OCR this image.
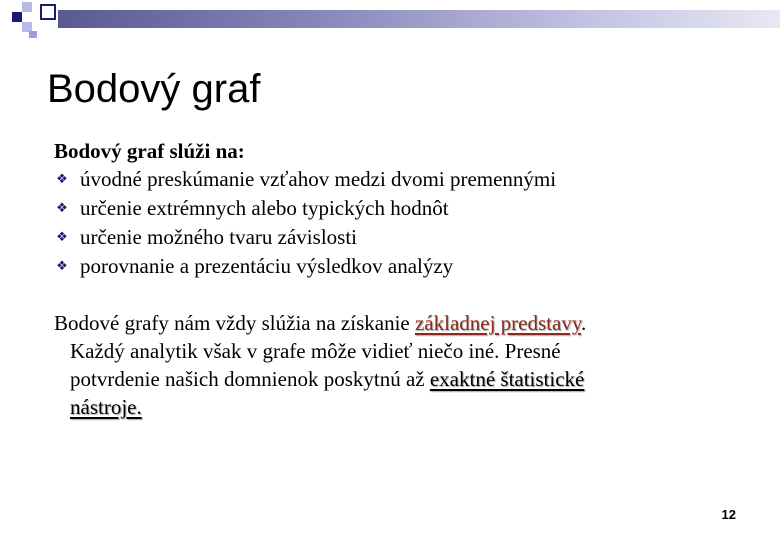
Bodový graf
Bodový graf slúži na:
❖ úvodné preskúmanie vzťahov medzi dvomi premennými
❖ určenie extrémnych alebo typických hodnôt
❖ určenie možného tvaru závislosti
❖ porovnanie a prezentáciu výsledkov analýzy
Bodové grafy nám vždy slúžia na získanie základnej predstavy.
Každý analytik však v grafe môže vidieť niečo iné. Presné
potvrdenie našich domnienok poskytnú až exaktné štatistické
nástroje.
12
